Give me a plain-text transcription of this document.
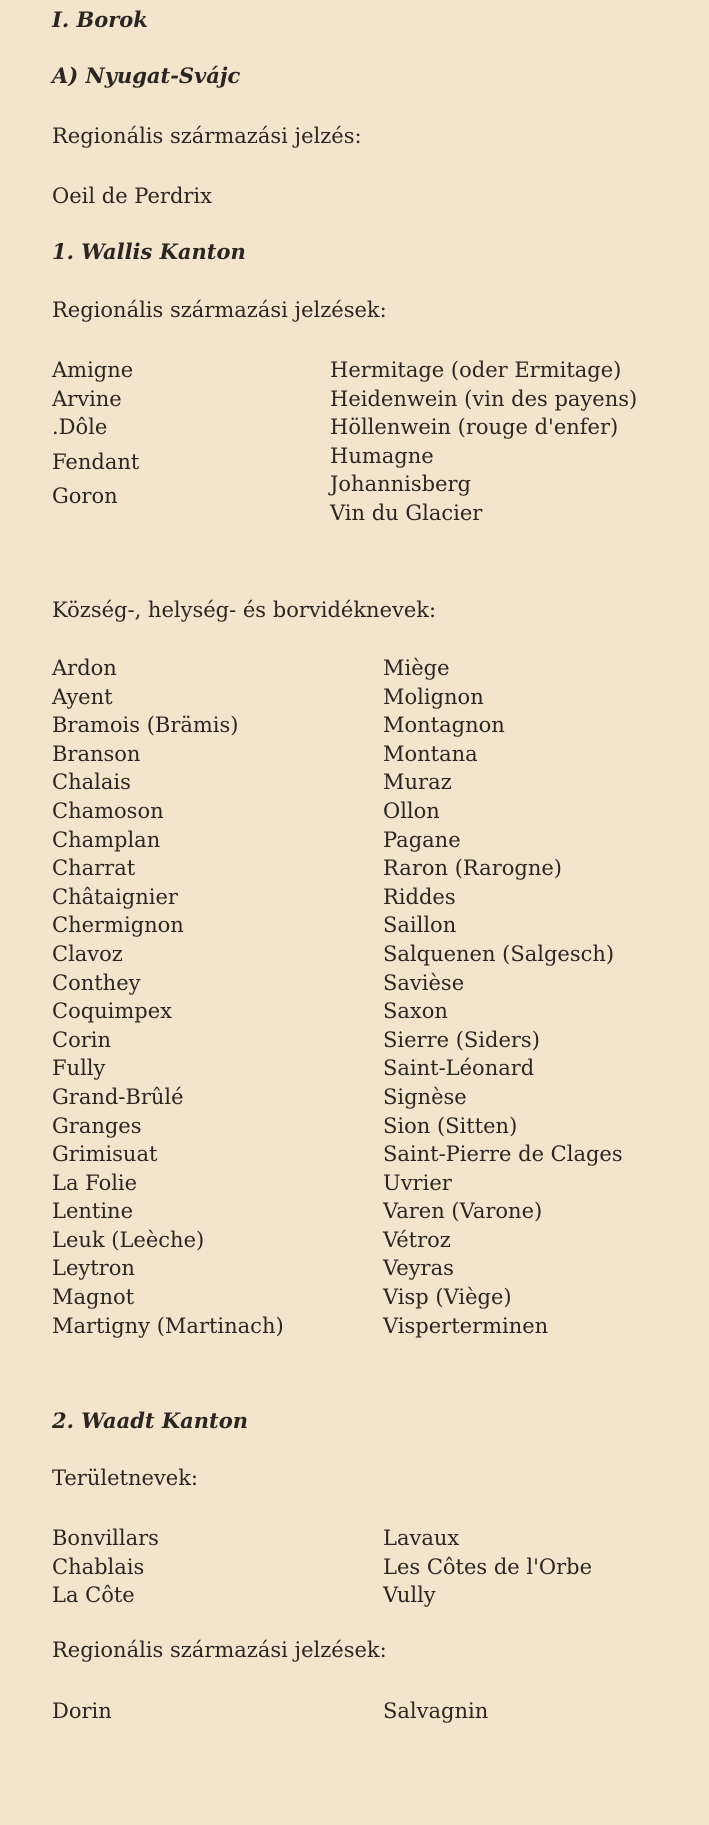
I. Borok
A) Nyugat-Svájc
Regionális származási jelzés:
Oeil de Perdrix
1. Wallis Kanton
Regionális származási jelzések:
Amigne
Arvine
.Dôle
Fendant
Goron
Hermitage (oder Ermitage)
Heidenwein (vin des payens)
Höllenwein (rouge d'enfer)
Humagne
Johannisberg
Vin du Glacier
Község-, helység- és borvidéknevek:
Ardon
Ayent
Bramois (Brämis)
Branson
Chalais
Chamoson
Champlan
Charrat
Châtaignier
Chermignon
Clavoz
Conthey
Coquimpex
Corin
Fully
Grand-Brûlé
Granges
Grimisuat
La Folie
Lentine
Leuk (Leèche)
Leytron
Magnot
Martigny (Martinach)
Miège
Molignon
Montagnon
Montana
Muraz
Ollon
Pagane
Raron (Rarogne)
Riddes
Saillon
Salquenen (Salgesch)
Savièse
Saxon
Sierre (Siders)
Saint-Léonard
Signèse
Sion (Sitten)
Saint-Pierre de Clages
Uvrier
Varen (Varone)
Vétroz
Veyras
Visp (Viège)
Visperterminen
2. Waadt Kanton
Területnevek:
Bonvillars
Chablais
La Côte
Lavaux
Les Côtes de l'Orbe
Vully
Regionális származási jelzések:
Dorin	Salvagnin
